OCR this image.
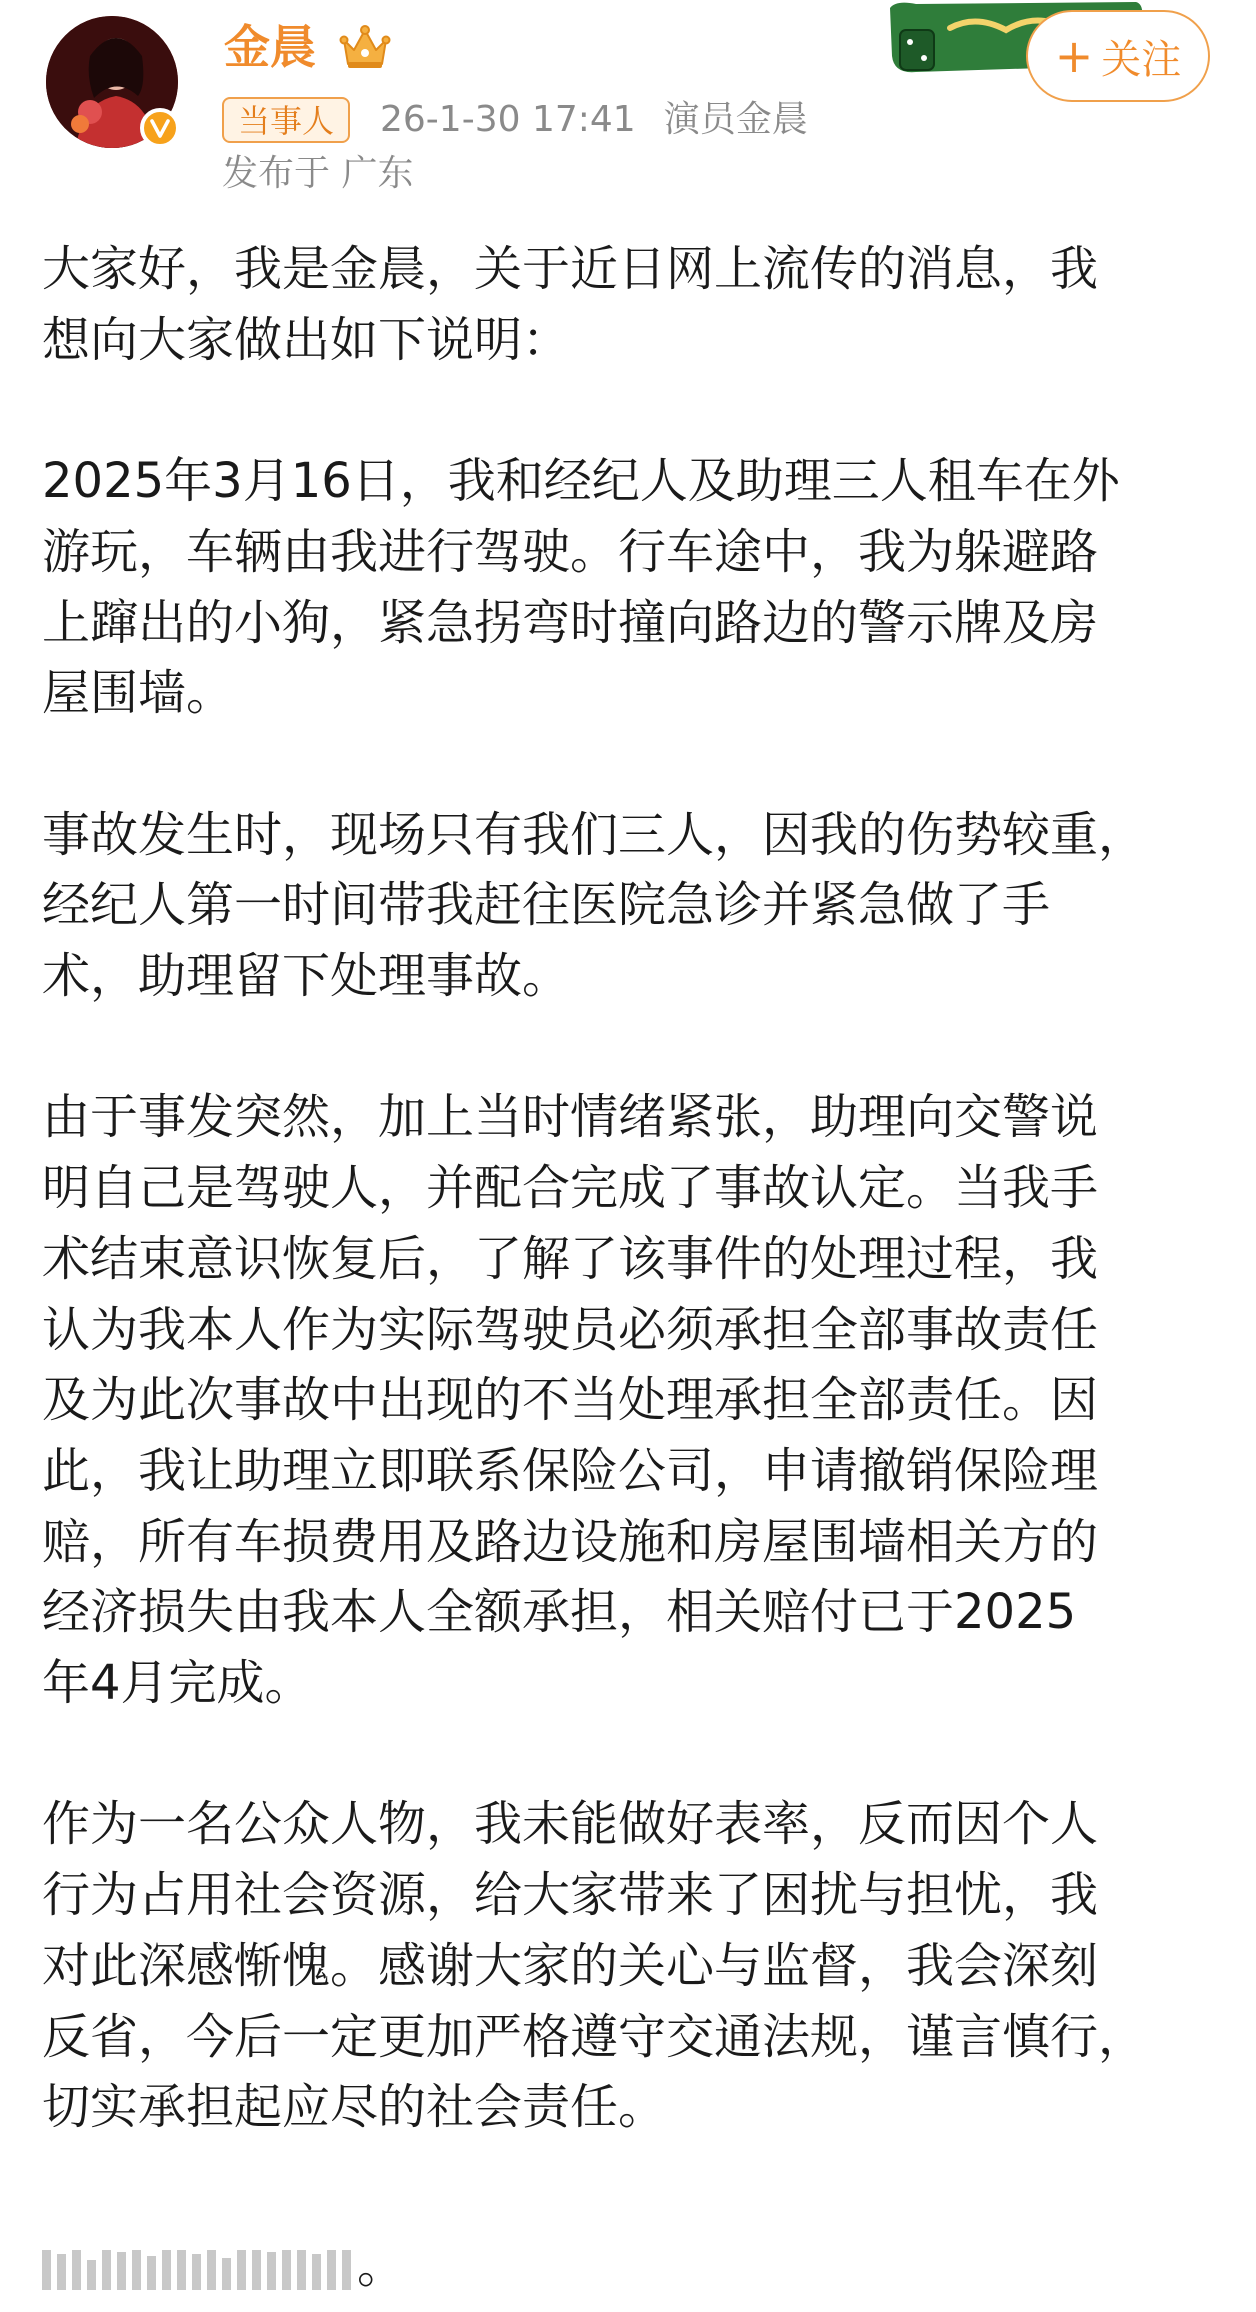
金晨
当事人	26-1-30 17:41 演员金晨
发布于 广东
+ 关注

大家好，我是金晨，关于近日网上流传的消息，我
想向大家做出如下说明：

2025年3月16日，我和经纪人及助理三人租车在外
游玩，车辆由我进行驾驶。行车途中，我为躲避路
上蹿出的小狗，紧急拐弯时撞向路边的警示牌及房
屋围墙。

事故发生时，现场只有我们三人，因我的伤势较重，
经纪人第一时间带我赶往医院急诊并紧急做了手
术，助理留下处理事故。

由于事发突然，加上当时情绪紧张，助理向交警说
明自己是驾驶人，并配合完成了事故认定。当我手
术结束意识恢复后，了解了该事件的处理过程，我
认为我本人作为实际驾驶员必须承担全部事故责任
及为此次事故中出现的不当处理承担全部责任。因
此，我让助理立即联系保险公司，申请撤销保险理
赔，所有车损费用及路边设施和房屋围墙相关方的
经济损失由我本人全额承担，相关赔付已于2025
年4月完成。

作为一名公众人物，我未能做好表率，反而因个人
行为占用社会资源，给大家带来了困扰与担忧，我
对此深感惭愧。感谢大家的关心与监督，我会深刻
反省，今后一定更加严格遵守交通法规，谨言慎行，
切实承担起应尽的社会责任。

。
